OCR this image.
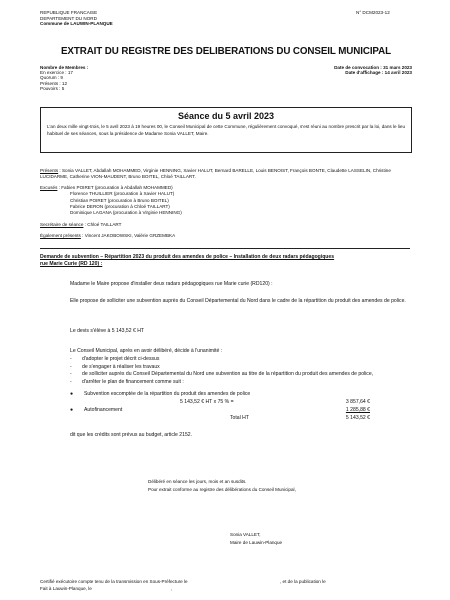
REPUBLIQUE FRANCAISE
DEPARTEMENT DU NORD
Commune de LAUWIN-PLANQUE
N° DCM2023-12
EXTRAIT DU REGISTRE DES DELIBERATIONS DU CONSEIL MUNICIPAL
Nombre de Membres :
En exercice : 17
Quorum : 9
Présents : 12
Pouvoirs : 5
Date de convocation : 31 mars 2023
Date d'affichage : 14 avril 2023
Séance du 5 avril 2023
L'an deux mille vingt-trois, le 5 avril 2023 à 19 heures 00, le Conseil Municipal de cette Commune, régulièrement convoqué, s'est réuni au nombre prescrit par la loi, dans le lieu habituel de ses séances, sous la présidence de Madame Sonia VALLET, Maire.
Présents : Sonia VALLET, Abdallah MOHAMMED, Virginie HENNING, Xavier HALUT, Bernard BARELLE, Louis BENOIST, François BONTE, Claudette LASSELIN, Christine LUCIDARME, Catherine VION-MAUDENT, Bruno BOITEL, Chloé TAILLART.
Excusés : Fabien POIRET (procuration à Abdallah MOHAMMED)
Florence THUILLIER (procuration à Xavier HALUT)
Christian POIRET (procuration à Bruno BOITEL)
Fabrice DERON (procuration à Chloé TAILLART)
Dominique LAGANA (procuration à Virginie HENNING)
Secrétaire de séance : Chloé TAILLART
Également présents : Vincent JAKOBOWSKI, Valérie GRZEMBKA
Demande de subvention – Répartition 2023 du produit des amendes de police – Installation de deux radars pédagogiques rue Marie Curie (RD 120) :
Madame le Maire propose d'installer deux radars pédagogiques rue Marie curie (RD120) :
Elle propose de solliciter une subvention auprès du Conseil Départemental du Nord dans le cadre de la répartition du produit des amendes de police.
Le devis s'élève à 5 143,52 € HT
Le Conseil Municipal, après en avoir délibéré, décide à l'unanimité :
-	d'adopter le projet décrit ci-dessus
-	de s'engager à réaliser les travaux
-	de solliciter auprès du Conseil Départemental du Nord une subvention au titre de la répartition du produit des amendes de police,
-	d'arrêter le plan de financement comme suit :
● Subvention escomptée de la répartition du produit des amendes de police
5 143,52 € HT x 75 % =	3 857,64 €
● Autofinancement	1 285,88 €
Total HT	5 143,52 €
dit que les crédits sont prévus au budget, article 2152.
Délibéré en séance les jours, mois et an susdits.
Pour extrait conforme au registre des délibérations du Conseil Municipal,
Sonia VALLET,
Maire de Lauwin-Planque
Certifié exécutoire compte tenu de la transmission en Sous-Préfecture le	, et de la publication le
Fait à Lauwin-Planque, le	,
